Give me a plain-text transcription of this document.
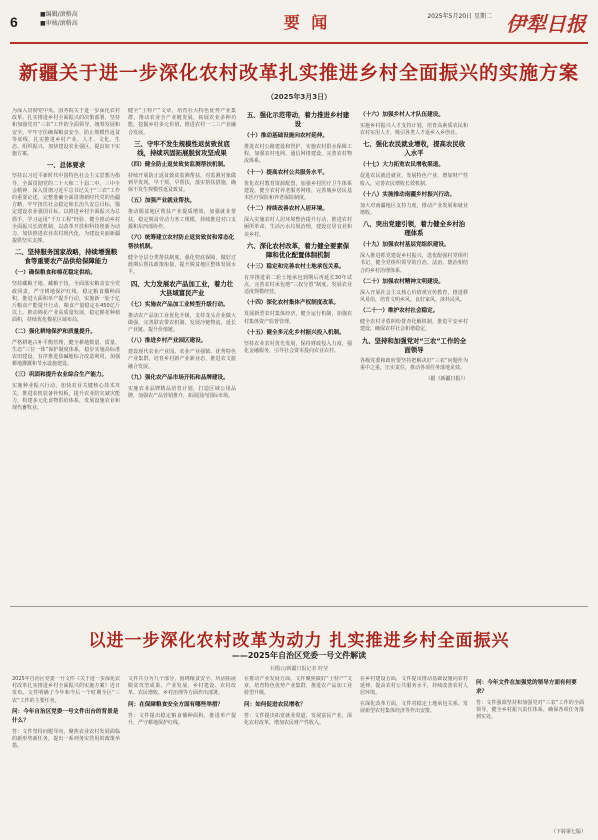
6	■编辑/滚格高
■审核/滚格高	要 闻	2025年5月20日 星期二 伊犁日报
新疆关于进一步深化农村改革扎实推进乡村全面振兴的实施方案
（2025年3月3日）

为深入贯彻党中央、国务院关于进一步深化农村改革、扎实推进乡村全面振兴的决策部署，坚持和加强党对“三农”工作的全面领导，统筹发展和安全，牢牢守住确保粮食安全、防止规模性返贫等底线，扎实推进乡村产业、人才、文化、生态、组织振兴，加快建设农业强区，提出如下实施方案。

一、总体要求

坚持以习近平新时代中国特色社会主义思想为指导，全面贯彻党的二十大和二十届二中、三中全会精神，深入贯彻习近平总书记关于“三农”工作的重要论述，完整准确全面贯彻新时代党的治疆方略，牢牢扭住社会稳定和长治久安总目标，锚定建设农业强国目标，以推进乡村全面振兴为总抓手，学习运用“千万工程”经验，健全推动乡村全面振兴长效机制，以改革开放和科技创新为动力，加快推进农业农村现代化，为建设美丽新疆提供坚实支撑。

二、坚持服务国家战略，持续增强粮食等重要农产品供给保障能力

（一）确保粮食和棉花稳定供给。

坚持藏粮于地、藏粮于技，全面落实粮食安全党政同责，严守耕地保护红线，稳定粮食播种面积，推进大面积单产提升行动，实施新一轮千亿斤粮食产能提升行动，粮食产量稳定在450亿斤以上。推动棉花产业高质量发展，稳定棉花种植面积，持续优化棉花区域布局。

（二）强化耕地保护和质量提升。

严格耕地占补平衡管理，健全耕地数量、质量、生态“三位一体”保护制度体系，稳步实施高标准农田建设，有序推进盐碱地综合改造利用，加强耕地灌溉和节水设施建设。

（三）巩固和提升农业综合生产能力。

实施种业振兴行动，加快农业关键核心技术攻关，推进农机装备补短板，提升农业防灾减灾能力，构建多元化食物供给体系，发展设施农业和现代畜牧业。

健全“土特产”文章，培育壮大特色优势产业集群，推动农业全产业链发展，拓展农业多种功能，挖掘乡村多元价值，推进农村一二三产业融合发展。

三、守牢不发生规模性返贫致贫底线，持续巩固拓展脱贫攻坚成果

（四）健全防止返贫致贫监测帮扶机制。

持续开展防止返贫致贫监测帮扶，对监测对象做到早发现、早干预、早帮扶，落实帮扶措施，确保不发生规模性返贫致贫。

（五）加强产业就业帮扶。

推动脱贫地区帮扶产业提质增效，加强就业帮扶，稳定脱贫劳动力务工规模，持续推进对口支援和东西部协作。

（六）统筹建立农村防止返贫致贫和常态化帮扶机制。

健全分层分类帮扶制度，强化兜底保障，做好过渡期后帮扶政策衔接，提升脱贫地区整体发展水平。

四、大力发展农产品加工业，着力壮大县域富民产业

（七）实施农产品加工业转型升级行动。

推动农产品加工业优化升级，支持龙头企业做大做强，完善联农带农机制，发展冷链物流，延长产业链、提升价值链。

（八）推进乡村产业园区建设。

建设现代农业产业园、农业产业强镇、优势特色产业集群，培育乡村新产业新业态，推进农文旅融合发展。

（九）强化农产品市场开拓和品牌建设。

实施农业品牌精品培育计划，打造区域公用品牌，加强农产品营销推介，拓展国内国际市场。

五、强化示范带动，着力推进乡村建设

（十）推动基础设施向农村延伸。

推进农村公路建设和管护，实施农村供水保障工程，加强农村电网、通信网络建设，完善农村物流体系。

（十一）提高农村公共服务水平。

优化农村教育资源配置，加强乡村医疗卫生体系建设，健全农村养老服务网络，完善城乡居民基本医疗保险和养老保险制度。

（十二）持续改善农村人居环境。

深入实施农村人居环境整治提升行动，推进农村厕所革命、生活污水垃圾治理，建设宜居宜业和美乡村。

六、深化农村改革，着力健全要素保障和优化配置体制机制

（十三）稳定和完善农村土地承包关系。

有序推进第二轮土地承包到期后再延长30年试点，完善农村承包地“三权分置”制度，发展农业适度规模经营。

（十四）深化农村集体产权制度改革。

发展新型农村集体经济，健全运行机制，加强农村集体资产监督管理。

（十五）健全多元化乡村振兴投入机制。

坚持农业农村优先发展，保持财政投入力度，强化金融服务，引导社会资本投向农业农村。

（十六）加强乡村人才队伍建设。

实施乡村振兴人才支持计划，培育高素质农民和农村实用人才，吸引各类人才返乡入乡创业。

七、强化农民就业增收，提高农民收入水平

（十七）大力拓宽农民增收渠道。

促进农民就近就业，发展特色产业，增加财产性收入，完善农民增收长效机制。

（十八）实施推动南疆乡村振兴行动。

加大对南疆地区支持力度，推动产业发展和就业增收。

八、突出党建引领，着力健全乡村治理体系

（十九）加强农村基层党组织建设。

深入推进抓党建促乡村振兴，选优配强村党组织书记，健全党组织领导的自治、法治、德治相结合的乡村治理体系。

（二十）加强农村精神文明建设。

深入开展社会主义核心价值观宣传教育，推进移风易俗，培育文明乡风、良好家风、淳朴民风。

（二十一）维护农村社会稳定。

健全农村矛盾纠纷排查化解机制，推进平安乡村建设，确保农村社会和谐稳定。

九、坚持和加强党对“三农”工作的全面领导

各级党委和政府要坚持把解决好“三农”问题作为重中之重，压实责任，推动各项任务落地见效。

（据《新疆日报》）

以进一步深化农村改革为动力 扎实推进乡村全面振兴
——2025年自治区党委一号文件解读
石榴云/新疆日报记者 时莹

2025年自治区党委一号文件《关于进一步深化农村改革扎实推进乡村全面振兴的实施方案》近日发布。文件明确了今年和今后一个时期全区“三农”工作的主要任务。

问：今年自治区党委一号文件出台的背景是什么？

答：文件坚持问题导向，聚焦农业农村发展面临的新形势新任务，提出一系列务实管用的政策举措。

文件共分为九个部分，围绕粮食安全、巩固拓展脱贫攻坚成果、产业发展、乡村建设、农村改革、农民增收、乡村治理等方面作出部署。

问：在保障粮食安全方面有哪些举措？

答：文件提出稳定粮食播种面积，推进单产提升，严守耕地保护红线。

在推动产业发展方面，文件聚焦做好“土特产”文章，培育特色优势产业集群，推进农产品加工业转型升级。

问：如何促进农民增收？

答：文件提出拓宽就业渠道，发展富民产业，深化农村改革，增加农民财产性收入。

在乡村建设方面，文件提出推动基础设施向农村延伸，提高农村公共服务水平，持续改善农村人居环境。

在深化改革方面，文件对稳定土地承包关系、发展新型农村集体经济等作出安排。

问：今年文件在加强党的领导方面有何要求？

答：文件强调坚持和加强党对“三农”工作的全面领导，健全乡村振兴责任体系，确保各项任务落到实处。

（下转第七版）
